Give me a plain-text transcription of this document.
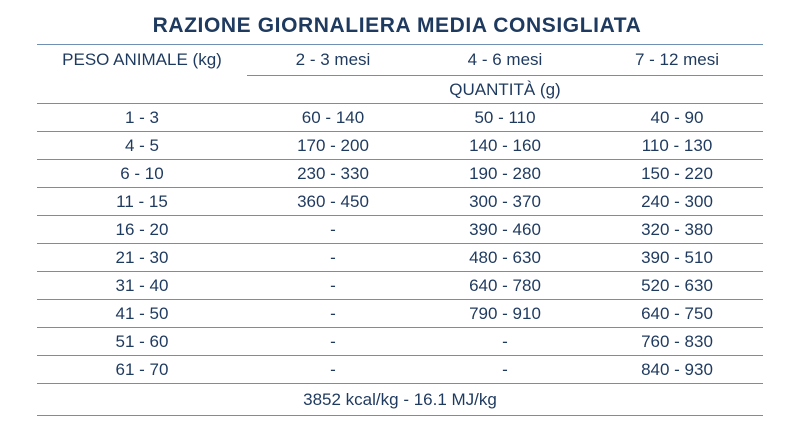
RAZIONE GIORNALIERA MEDIA CONSIGLIATA
PESO ANIMALE (kg)	2 - 3 mesi	4 - 6 mesi	7 - 12 mesi
	QUANTITÀ (g)		
1 - 3	60 - 140	50 - 110	40 - 90
4 - 5	170 - 200	140 - 160	110 - 130
6 - 10	230 - 330	190 - 280	150 - 220
11 - 15	360 - 450	300 - 370	240 - 300
16 - 20	-	390 - 460	320 - 380
21 - 30	-	480 - 630	390 - 510
31 - 40	-	640 - 780	520 - 630
41 - 50	-	790 - 910	640 - 750
51 - 60	-	-	760 - 830
61 - 70	-	-	840 - 930
3852 kcal/kg - 16.1 MJ/kg			
